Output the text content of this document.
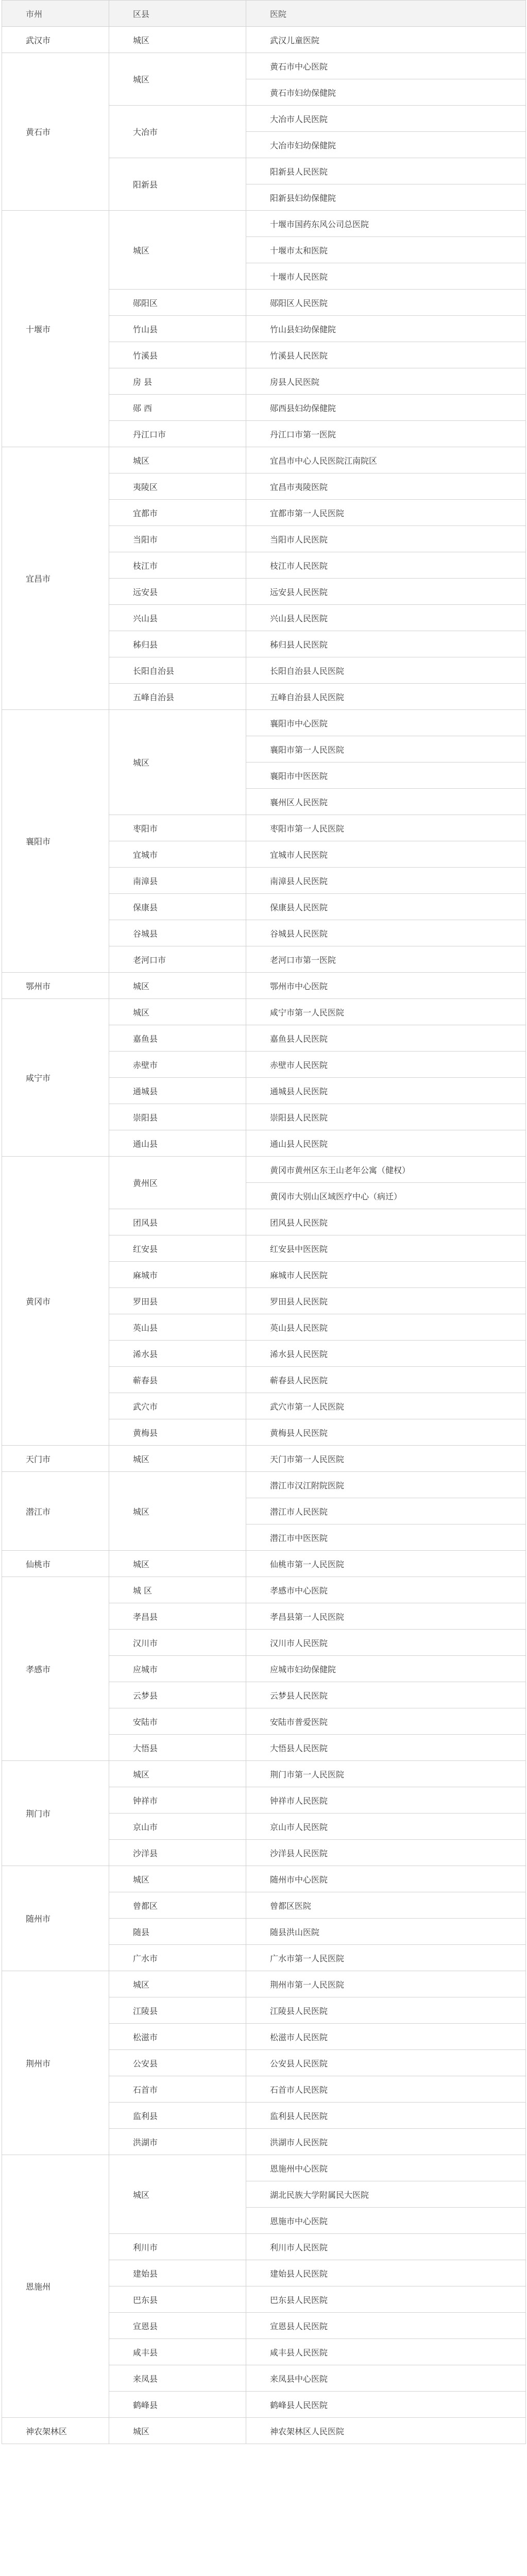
市州	区县	医院
武汉市	城区	武汉儿童医院
黄石市	城区	黄石市中心医院
		黄石市妇幼保健院
	大冶市	大冶市人民医院
		大冶市妇幼保健院
	阳新县	阳新县人民医院
		阳新县妇幼保健院
十堰市	城区	十堰市国药东风公司总医院
		十堰市太和医院
		十堰市人民医院
	郧阳区	郧阳区人民医院
	竹山县	竹山县妇幼保健院
	竹溪县	竹溪县人民医院
	房 县	房县人民医院
	郧 西	郧西县妇幼保健院
	丹江口市	丹江口市第一医院
宜昌市	城区	宜昌市中心人民医院江南院区
	夷陵区	宜昌市夷陵医院
	宜都市	宜都市第一人民医院
	当阳市	当阳市人民医院
	枝江市	枝江市人民医院
	远安县	远安县人民医院
	兴山县	兴山县人民医院
	秭归县	秭归县人民医院
	长阳自治县	长阳自治县人民医院
	五峰自治县	五峰自治县人民医院
襄阳市	城区	襄阳市中心医院
		襄阳市第一人民医院
		襄阳市中医医院
		襄州区人民医院
	枣阳市	枣阳市第一人民医院
	宜城市	宜城市人民医院
	南漳县	南漳县人民医院
	保康县	保康县人民医院
	谷城县	谷城县人民医院
	老河口市	老河口市第一医院
鄂州市	城区	鄂州市中心医院
咸宁市	城区	咸宁市第一人民医院
	嘉鱼县	嘉鱼县人民医院
	赤壁市	赤壁市人民医院
	通城县	通城县人民医院
	崇阳县	崇阳县人民医院
	通山县	通山县人民医院
黄冈市	黄州区	黄冈市黄州区东王山老年公寓（健权）
		黄冈市大别山区域医疗中心（病迁）
	团风县	团风县人民医院
	红安县	红安县中医医院
	麻城市	麻城市人民医院
	罗田县	罗田县人民医院
	英山县	英山县人民医院
	浠水县	浠水县人民医院
	蕲春县	蕲春县人民医院
	武穴市	武穴市第一人民医院
	黄梅县	黄梅县人民医院
天门市	城区	天门市第一人民医院
潜江市	城区	潜江市汉江附院医院
		潜江市人民医院
		潜江市中医医院
仙桃市	城区	仙桃市第一人民医院
孝感市	城 区	孝感市中心医院
	孝昌县	孝昌县第一人民医院
	汉川市	汉川市人民医院
	应城市	应城市妇幼保健院
	云梦县	云梦县人民医院
	安陆市	安陆市普爱医院
	大悟县	大悟县人民医院
荆门市	城区	荆门市第一人民医院
	钟祥市	钟祥市人民医院
	京山市	京山市人民医院
	沙洋县	沙洋县人民医院
随州市	城区	随州市中心医院
	曾都区	曾都区医院
	随县	随县洪山医院
	广水市	广水市第一人民医院
荆州市	城区	荆州市第一人民医院
	江陵县	江陵县人民医院
	松滋市	松滋市人民医院
	公安县	公安县人民医院
	石首市	石首市人民医院
	监利县	监利县人民医院
	洪湖市	洪湖市人民医院
恩施州	城区	恩施州中心医院
		湖北民族大学附属民大医院
		恩施市中心医院
	利川市	利川市人民医院
	建始县	建始县人民医院
	巴东县	巴东县人民医院
	宣恩县	宣恩县人民医院
	咸丰县	咸丰县人民医院
	来凤县	来凤县中心医院
	鹤峰县	鹤峰县人民医院
神农架林区	城区	神农架林区人民医院
